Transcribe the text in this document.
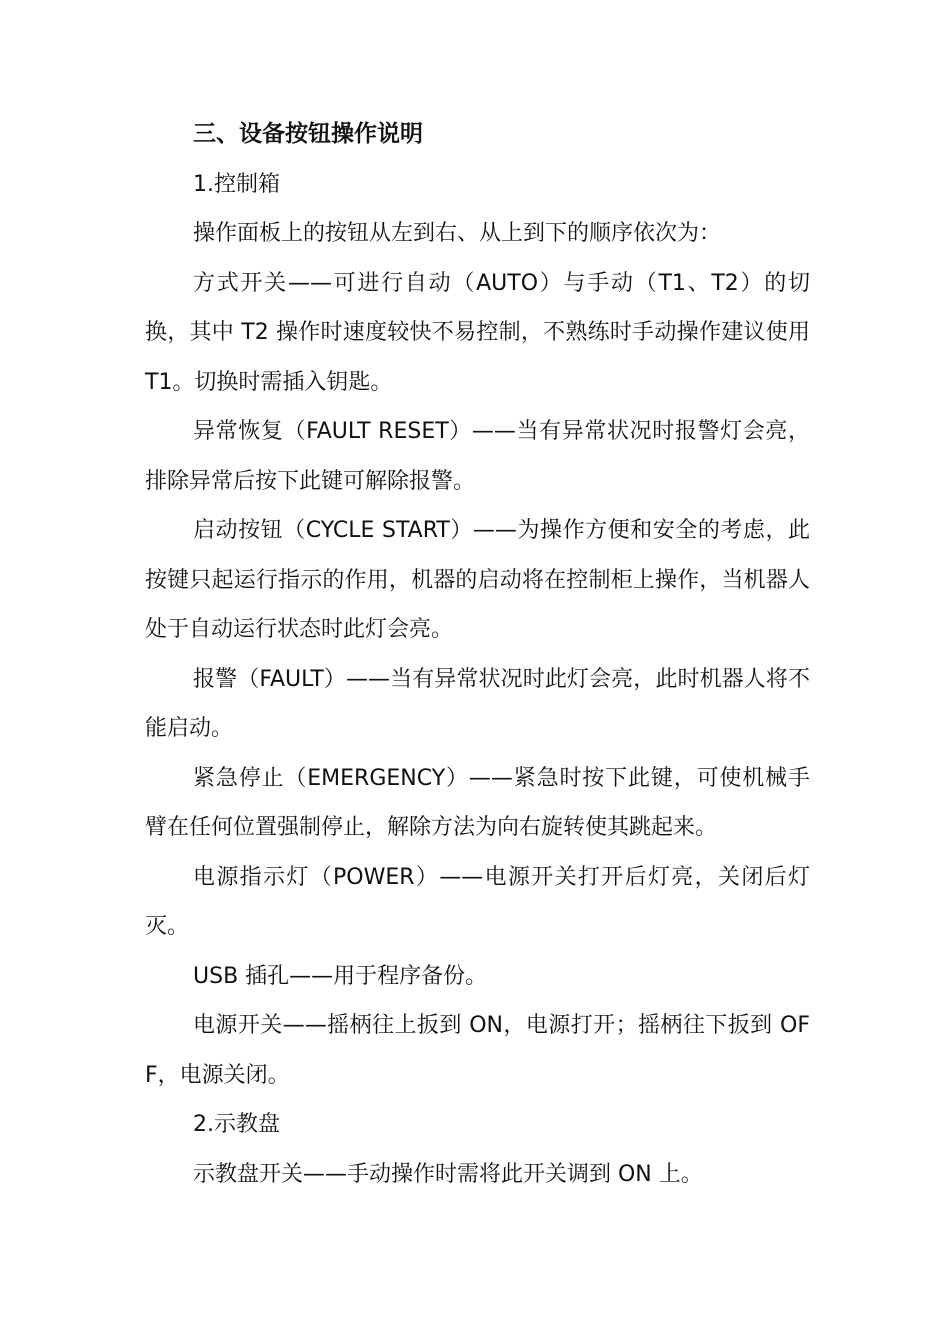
三、设备按钮操作说明

1.控制箱

操作面板上的按钮从左到右、从上到下的顺序依次为：

方式开关——可进行自动（AUTO）与手动（T1、T2）的切换，其中 T2 操作时速度较快不易控制，不熟练时手动操作建议使用 T1。切换时需插入钥匙。

异常恢复（FAULT RESET）——当有异常状况时报警灯会亮，排除异常后按下此键可解除报警。

启动按钮（CYCLE START）——为操作方便和安全的考虑，此按键只起运行指示的作用，机器的启动将在控制柜上操作，当机器人处于自动运行状态时此灯会亮。

报警（FAULT）——当有异常状况时此灯会亮，此时机器人将不能启动。

紧急停止（EMERGENCY）——紧急时按下此键，可使机械手臂在任何位置强制停止，解除方法为向右旋转使其跳起来。

电源指示灯（POWER）——电源开关打开后灯亮，关闭后灯灭。

USB 插孔——用于程序备份。

电源开关——摇柄往上扳到 ON，电源打开；摇柄往下扳到 OFF，电源关闭。

2.示教盘

示教盘开关——手动操作时需将此开关调到 ON 上。
